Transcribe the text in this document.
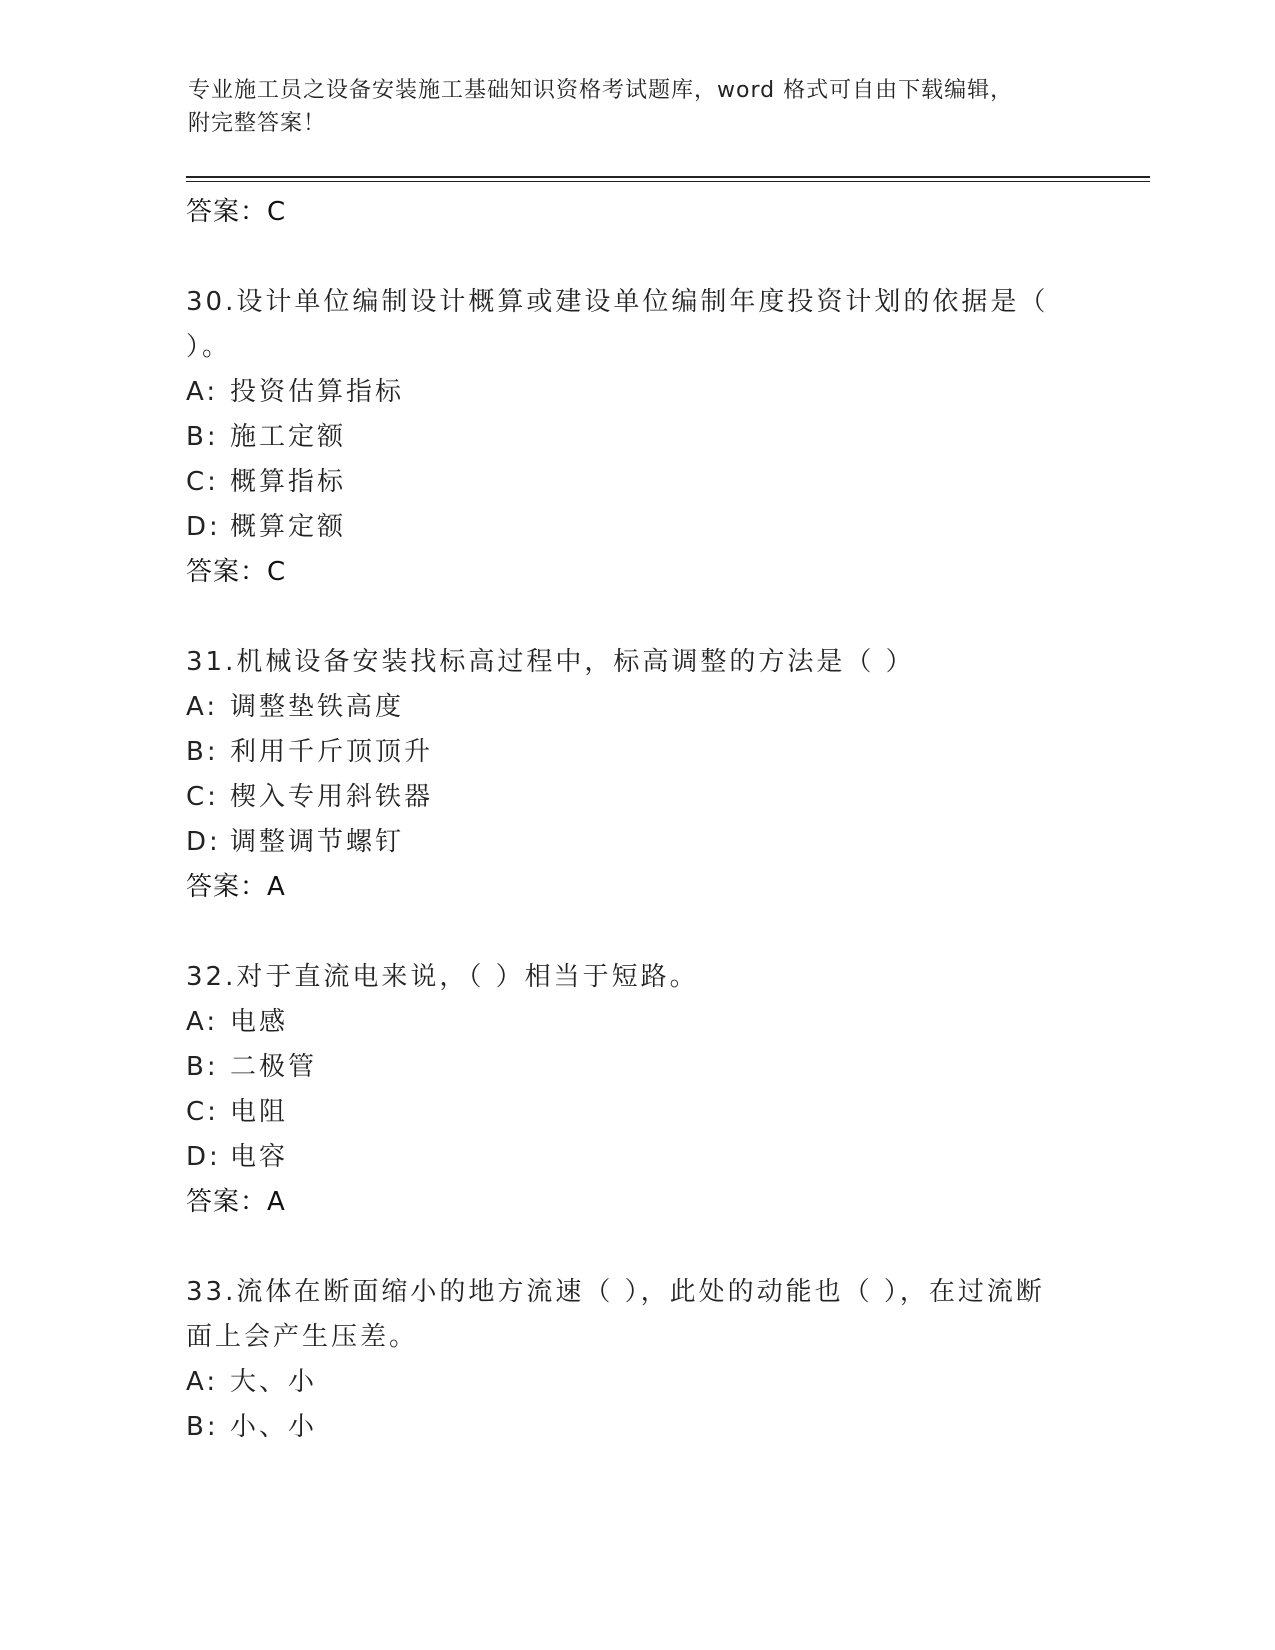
专业施工员之设备安装施工基础知识资格考试题库，word 格式可自由下载编辑，
附完整答案！
答案：C
30.设计单位编制设计概算或建设单位编制年度投资计划的依据是（
）。
A: 投资估算指标
B: 施工定额
C: 概算指标
D: 概算定额
答案：C
31.机械设备安装找标高过程中，标高调整的方法是（ ）
A: 调整垫铁高度
B: 利用千斤顶顶升
C: 楔入专用斜铁器
D: 调整调节螺钉
答案：A
32.对于直流电来说，（ ）相当于短路。
A: 电感
B: 二极管
C: 电阻
D: 电容
答案：A
33.流体在断面缩小的地方流速（ ），此处的动能也（ ），在过流断
面上会产生压差。
A: 大、小
B: 小、小
